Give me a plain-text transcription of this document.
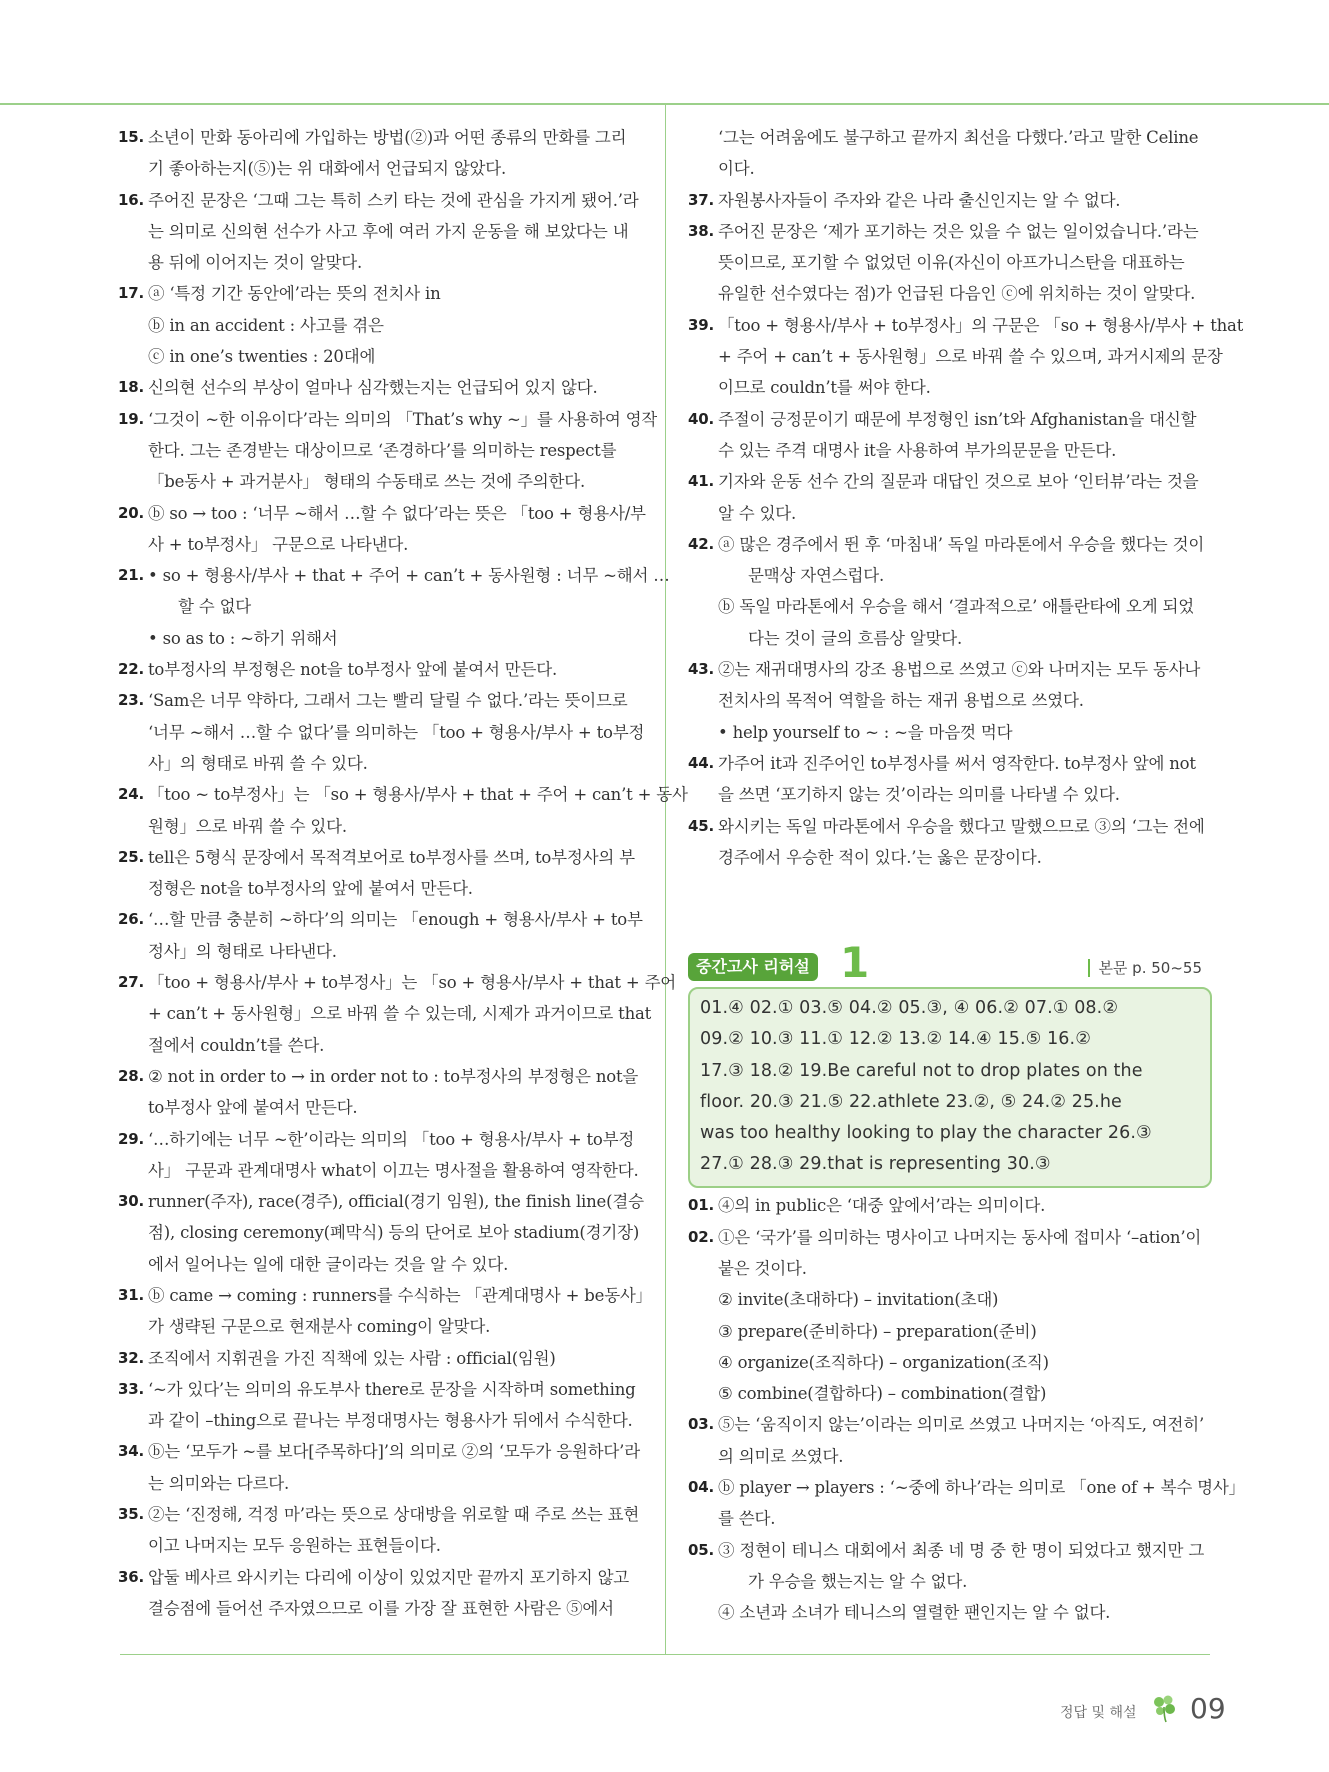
15. 소년이 만화 동아리에 가입하는 방법(②)과 어떤 종류의 만화를 그리
기 좋아하는지(⑤)는 위 대화에서 언급되지 않았다.
16. 주어진 문장은 ‘그때 그는 특히 스키 타는 것에 관심을 가지게 됐어.’라
는 의미로 신의현 선수가 사고 후에 여러 가지 운동을 해 보았다는 내
용 뒤에 이어지는 것이 알맞다.
17. ⓐ ‘특정 기간 동안에’라는 뜻의 전치사 in
ⓑ in an accident : 사고를 겪은
ⓒ in one’s twenties : 20대에
18. 신의현 선수의 부상이 얼마나 심각했는지는 언급되어 있지 않다.
19. ‘그것이 ~한 이유이다’라는 의미의 「That’s why ~」를 사용하여 영작
한다. 그는 존경받는 대상이므로 ‘존경하다’를 의미하는 respect를
「be동사 + 과거분사」 형태의 수동태로 쓰는 것에 주의한다.
20. ⓑ so → too : ‘너무 ~해서 …할 수 없다’라는 뜻은 「too + 형용사/부
사 + to부정사」 구문으로 나타낸다.
21. • so + 형용사/부사 + that + 주어 + can’t + 동사원형 : 너무 ~해서 …
할 수 없다
• so as to : ~하기 위해서
22. to부정사의 부정형은 not을 to부정사 앞에 붙여서 만든다.
23. ‘Sam은 너무 약하다, 그래서 그는 빨리 달릴 수 없다.’라는 뜻이므로
‘너무 ~해서 …할 수 없다’를 의미하는 「too + 형용사/부사 + to부정
사」의 형태로 바꿔 쓸 수 있다.
24. 「too ~ to부정사」는 「so + 형용사/부사 + that + 주어 + can’t + 동사
원형」으로 바꿔 쓸 수 있다.
25. tell은 5형식 문장에서 목적격보어로 to부정사를 쓰며, to부정사의 부
정형은 not을 to부정사의 앞에 붙여서 만든다.
26. ‘…할 만큼 충분히 ~하다’의 의미는 「enough + 형용사/부사 + to부
정사」의 형태로 나타낸다.
27. 「too + 형용사/부사 + to부정사」는 「so + 형용사/부사 + that + 주어
+ can’t + 동사원형」으로 바꿔 쓸 수 있는데, 시제가 과거이므로 that
절에서 couldn’t를 쓴다.
28. ② not in order to → in order not to : to부정사의 부정형은 not을
to부정사 앞에 붙여서 만든다.
29. ‘…하기에는 너무 ~한’이라는 의미의 「too + 형용사/부사 + to부정
사」 구문과 관계대명사 what이 이끄는 명사절을 활용하여 영작한다.
30. runner(주자), race(경주), official(경기 임원), the finish line(결승
점), closing ceremony(폐막식) 등의 단어로 보아 stadium(경기장)
에서 일어나는 일에 대한 글이라는 것을 알 수 있다.
31. ⓑ came → coming : runners를 수식하는 「관계대명사 + be동사」
가 생략된 구문으로 현재분사 coming이 알맞다.
32. 조직에서 지휘권을 가진 직책에 있는 사람 : official(임원)
33. ‘~가 있다’는 의미의 유도부사 there로 문장을 시작하며 something
과 같이 –thing으로 끝나는 부정대명사는 형용사가 뒤에서 수식한다.
34. ⓑ는 ‘모두가 ~를 보다[주목하다]’의 의미로 ②의 ‘모두가 응원하다’라
는 의미와는 다르다.
35. ②는 ‘진정해, 걱정 마’라는 뜻으로 상대방을 위로할 때 주로 쓰는 표현
이고 나머지는 모두 응원하는 표현들이다.
36. 압둘 베사르 와시키는 다리에 이상이 있었지만 끝까지 포기하지 않고
결승점에 들어선 주자였으므로 이를 가장 잘 표현한 사람은 ⑤에서
‘그는 어려움에도 불구하고 끝까지 최선을 다했다.’라고 말한 Celine
이다.
37. 자원봉사자들이 주자와 같은 나라 출신인지는 알 수 없다.
38. 주어진 문장은 ‘제가 포기하는 것은 있을 수 없는 일이었습니다.’라는
뜻이므로, 포기할 수 없었던 이유(자신이 아프가니스탄을 대표하는
유일한 선수였다는 점)가 언급된 다음인 ⓒ에 위치하는 것이 알맞다.
39. 「too + 형용사/부사 + to부정사」의 구문은 「so + 형용사/부사 + that
+ 주어 + can’t + 동사원형」으로 바꿔 쓸 수 있으며, 과거시제의 문장
이므로 couldn’t를 써야 한다.
40. 주절이 긍정문이기 때문에 부정형인 isn’t와 Afghanistan을 대신할
수 있는 주격 대명사 it을 사용하여 부가의문문을 만든다.
41. 기자와 운동 선수 간의 질문과 대답인 것으로 보아 ‘인터뷰’라는 것을
알 수 있다.
42. ⓐ 많은 경주에서 뛴 후 ‘마침내’ 독일 마라톤에서 우승을 했다는 것이
문맥상 자연스럽다.
ⓑ 독일 마라톤에서 우승을 해서 ‘결과적으로’ 애틀란타에 오게 되었
다는 것이 글의 흐름상 알맞다.
43. ②는 재귀대명사의 강조 용법으로 쓰였고 ⓒ와 나머지는 모두 동사나
전치사의 목적어 역할을 하는 재귀 용법으로 쓰였다.
• help yourself to ~ : ~을 마음껏 먹다
44. 가주어 it과 진주어인 to부정사를 써서 영작한다. to부정사 앞에 not
을 쓰면 ‘포기하지 않는 것’이라는 의미를 나타낼 수 있다.
45. 와시키는 독일 마라톤에서 우승을 했다고 말했으므로 ③의 ‘그는 전에
경주에서 우승한 적이 있다.’는 옳은 문장이다.
중간고사 리허설 1	본문 p. 50~55
01.④ 02.① 03.⑤ 04.② 05.③, ④ 06.② 07.① 08.②
09.② 10.③ 11.① 12.② 13.② 14.④ 15.⑤ 16.②
17.③ 18.② 19.Be careful not to drop plates on the
floor. 20.③ 21.⑤ 22.athlete 23.②, ⑤ 24.② 25.he
was too healthy looking to play the character 26.③
27.① 28.③ 29.that is representing 30.③
01. ④의 in public은 ‘대중 앞에서’라는 의미이다.
02. ①은 ‘국가’를 의미하는 명사이고 나머지는 동사에 접미사 ‘–ation’이
붙은 것이다.
② invite(초대하다) – invitation(초대)
③ prepare(준비하다) – preparation(준비)
④ organize(조직하다) – organization(조직)
⑤ combine(결합하다) – combination(결합)
03. ⑤는 ‘움직이지 않는’이라는 의미로 쓰였고 나머지는 ‘아직도, 여전히’
의 의미로 쓰였다.
04. ⓑ player → players : ‘~중에 하나’라는 의미로 「one of + 복수 명사」
를 쓴다.
05. ③ 정현이 테니스 대회에서 최종 네 명 중 한 명이 되었다고 했지만 그
가 우승을 했는지는 알 수 없다.
④ 소년과 소녀가 테니스의 열렬한 팬인지는 알 수 없다.
정답 및 해설 09
